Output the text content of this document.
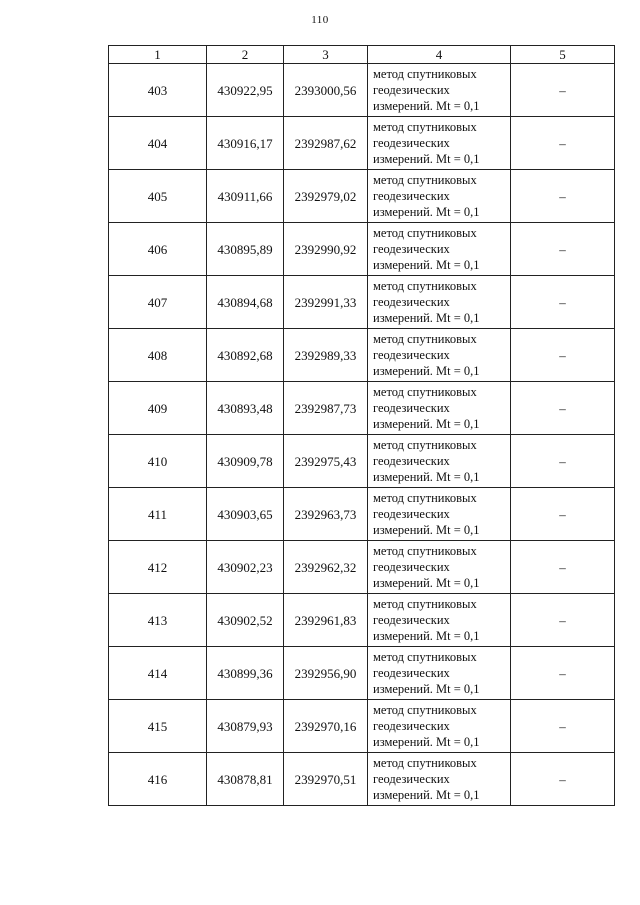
110
1	2	3	4	5
403	430922,95	2393000,56	метод спутниковых
геодезических
измерений. Mt = 0,1	–
404	430916,17	2392987,62	метод спутниковых
геодезических
измерений. Mt = 0,1	–
405	430911,66	2392979,02	метод спутниковых
геодезических
измерений. Mt = 0,1	–
406	430895,89	2392990,92	метод спутниковых
геодезических
измерений. Mt = 0,1	–
407	430894,68	2392991,33	метод спутниковых
геодезических
измерений. Mt = 0,1	–
408	430892,68	2392989,33	метод спутниковых
геодезических
измерений. Mt = 0,1	–
409	430893,48	2392987,73	метод спутниковых
геодезических
измерений. Mt = 0,1	–
410	430909,78	2392975,43	метод спутниковых
геодезических
измерений. Mt = 0,1	–
411	430903,65	2392963,73	метод спутниковых
геодезических
измерений. Mt = 0,1	–
412	430902,23	2392962,32	метод спутниковых
геодезических
измерений. Mt = 0,1	–
413	430902,52	2392961,83	метод спутниковых
геодезических
измерений. Mt = 0,1	–
414	430899,36	2392956,90	метод спутниковых
геодезических
измерений. Mt = 0,1	–
415	430879,93	2392970,16	метод спутниковых
геодезических
измерений. Mt = 0,1	–
416	430878,81	2392970,51	метод спутниковых
геодезических
измерений. Mt = 0,1	–
